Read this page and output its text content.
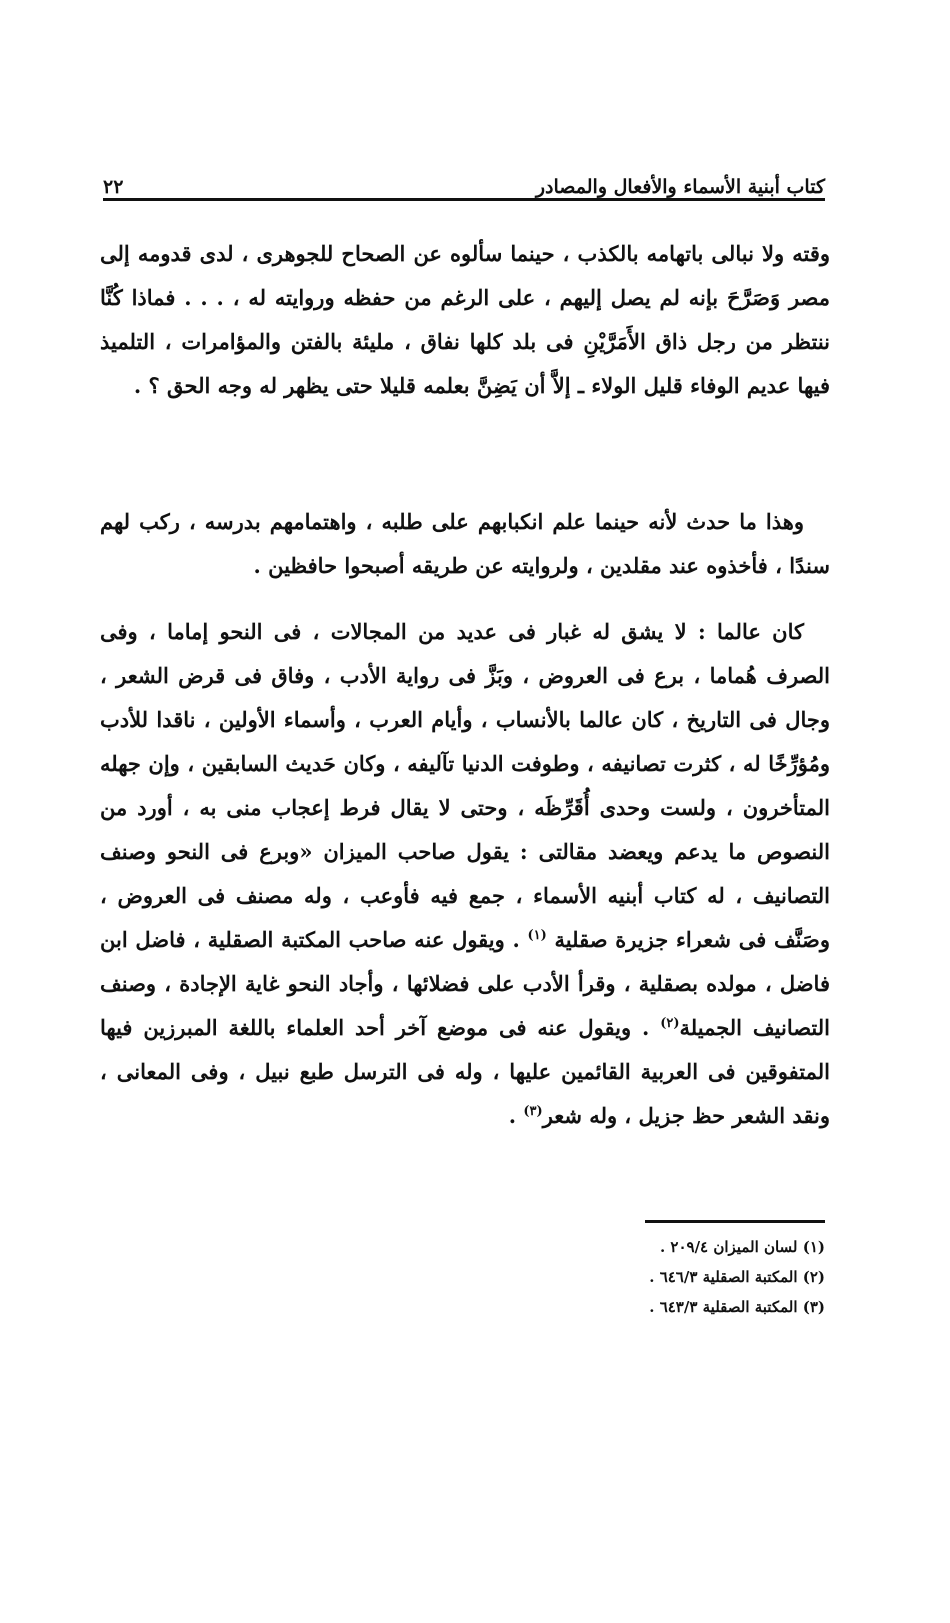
كتاب أبنية الأسماء والأفعال والمصادر
٢٢
وقته ولا نبالى باتهامه بالكذب ، حينما سألوه عن الصحاح للجوهرى ، لدى قدومه إلى مصر وَصَرَّحَ بإنه لم يصل إليهم ، على الرغم من حفظه وروايته له ، . . . فماذا كُنَّا ننتظر من رجل ذاق الأَمَرَّيْنِ فى بلد كلها نفاق ، مليئة بالفتن والمؤامرات ، التلميذ فيها عديم الوفاء قليل الولاء ـ إلاَّ أن يَضِنَّ بعلمه قليلا حتى يظهر له وجه الحق ؟ .
وهذا ما حدث لأنه حينما علم انكبابهم على طلبه ، واهتمامهم بدرسه ، ركب لهم سندًا ، فأخذوه عند مقلدين ، ولروايته عن طريقه أصبحوا حافظين .
كان عالما : لا يشق له غبار فى عديد من المجالات ، فى النحو إماما ، وفى الصرف هُماما ، برع فى العروض ، وبَزَّ فى رواية الأدب ، وفاق فى قرض الشعر ، وجال فى التاريخ ، كان عالما بالأنساب ، وأيام العرب ، وأسماء الأولين ، ناقدا للأدب ومُؤرِّخًا له ، كثرت تصانيفه ، وطوفت الدنيا تآليفه ، وكان حَديث السابقين ، وإن جهله المتأخرون ، ولست وحدى أُقَرِّظَه ، وحتى لا يقال فرط إعجاب منى به ، أورد من النصوص ما يدعم ويعضد مقالتى : يقول صاحب الميزان «وبرع فى النحو وصنف التصانيف ، له كتاب أبنيه الأسماء ، جمع فيه فأوعب ، وله مصنف فى العروض ، وصَنَّف فى شعراء جزيرة صقلية $^{(١)}$ . ويقول عنه صاحب المكتبة الصقلية ، فاضل ابن فاضل ، مولده بصقلية ، وقرأ الأدب على فضلائها ، وأجاد النحو غاية الإجادة ، وصنف التصانيف الجميلة$^{(٢)}$ . ويقول عنه فى موضع آخر أحد العلماء باللغة المبرزين فيها المتفوقين فى العربية القائمين عليها ، وله فى الترسل طبع نبيل ، وفى المعانى ، ونقد الشعر حظ جزيل ، وله شعر$^{(٣)}$ .
(١) لسان الميزان ٢٠٩/٤ .
(٢) المكتبة الصقلية ٦٤٦/٣ .
(٣) المكتبة الصقلية ٦٤٣/٣ .
